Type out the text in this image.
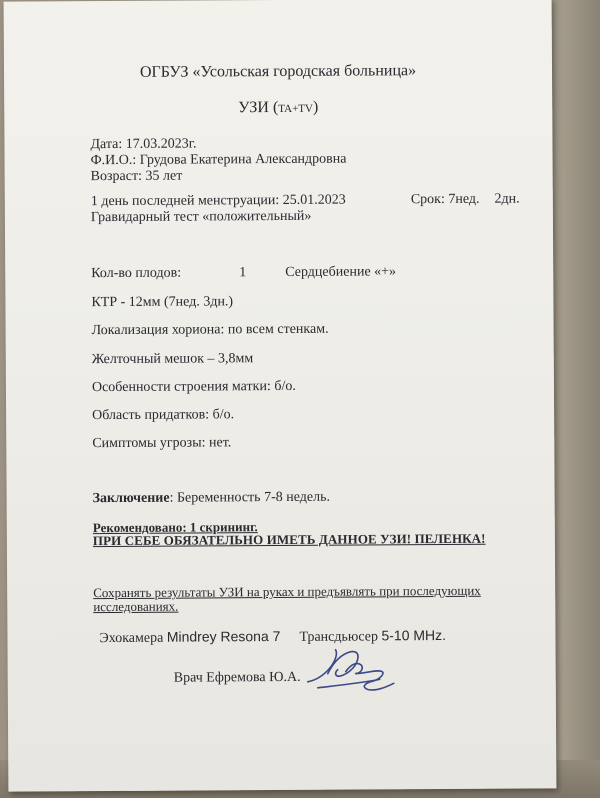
ОГБУЗ «Усольская городская больница»
УЗИ (TA+TV)
Дата: 17.03.2023г.
Ф.И.О.: Грудова Екатерина Александровна
Возраст: 35 лет
1 день последней менструации: 25.01.2023	Срок: 7нед. 2дн.
Гравидарный тест «положительный»
Кол-во плодов:	1	Сердцебиение «+»
КТР - 12мм (7нед. 3дн.)
Локализация хориона: по всем стенкам.
Желточный мешок – 3,8мм
Особенности строения матки: б/о.
Область придатков: б/о.
Симптомы угрозы: нет.
Заключение: Беременность 7-8 недель.
Рекомендовано: 1 скрининг.
ПРИ СЕБЕ ОБЯЗАТЕЛЬНО ИМЕТЬ ДАННОЕ УЗИ! ПЕЛЕНКА!
Сохранять результаты УЗИ на руках и предъявлять при последующих
исследованиях.
Эхокамера Mindrey Resona 7 Трансдьюсер 5-10 MHz.
Врач Ефремова Ю.А.
